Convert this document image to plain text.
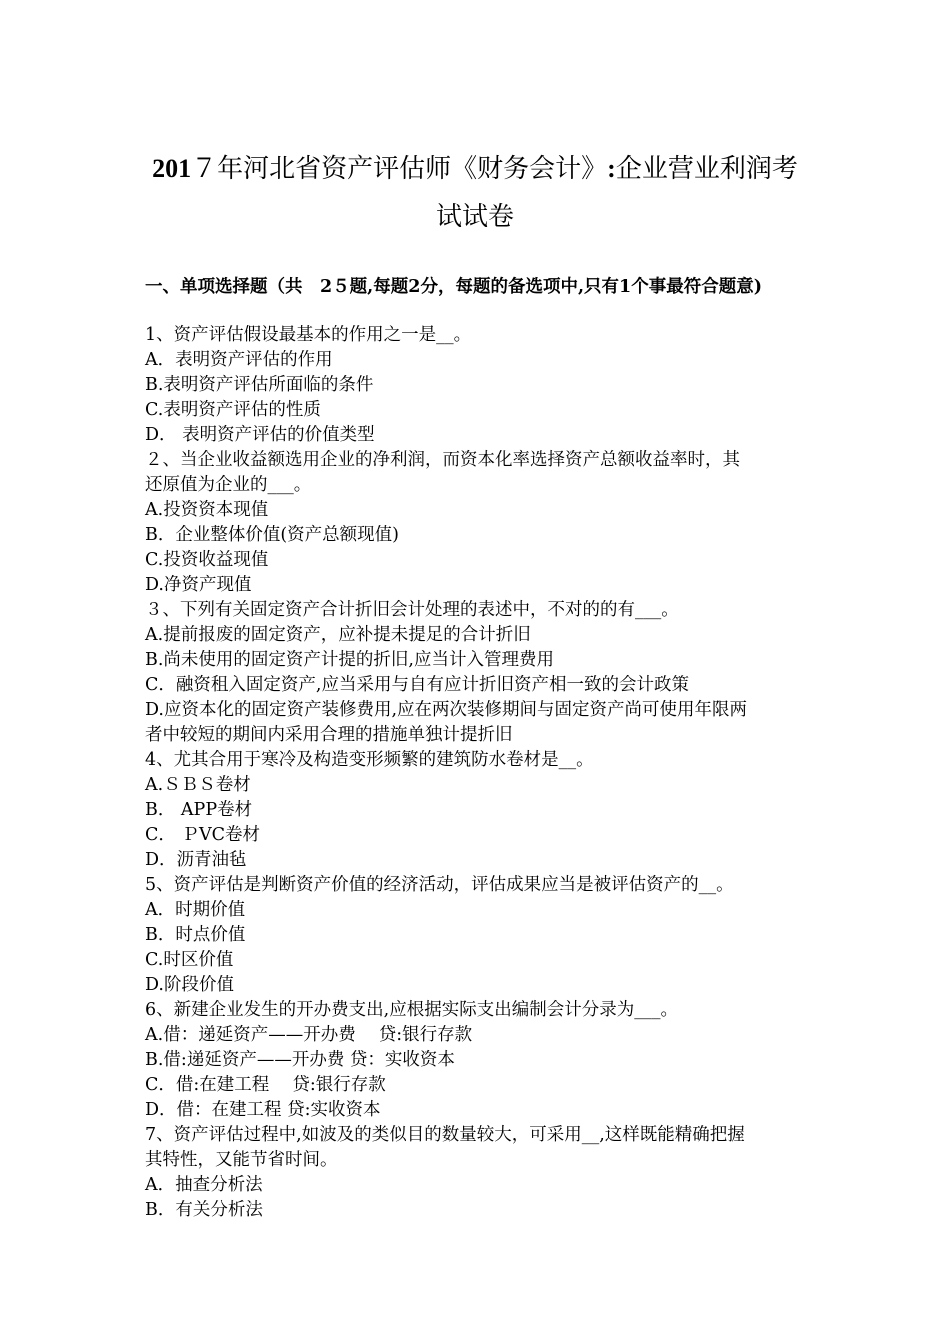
201７年河北省资产评估师《财务会计》:企业营业利润考
试试卷
一、单项选择题（共　2５题,每题2分，每题的备选项中,只有1个事最符合题意)
1、资产评估假设最基本的作用之一是__。
A．表明资产评估的作用
B.表明资产评估所面临的条件
C.表明资产评估的性质
D． 表明资产评估的价值类型
２、当企业收益额选用企业的净利润，而资本化率选择资产总额收益率时，其
还原值为企业的___。
A.投资资本现值
B．企业整体价值(资产总额现值)
C.投资收益现值
D.净资产现值
３、下列有关固定资产合计折旧会计处理的表述中，不对的的有___。
A.提前报废的固定资产，应补提未提足的合计折旧
B.尚未使用的固定资产计提的折旧,应当计入管理费用
C．融资租入固定资产,应当采用与自有应计折旧资产相一致的会计政策
D.应资本化的固定资产装修费用,应在两次装修期间与固定资产尚可使用年限两
者中较短的期间内采用合理的措施单独计提折旧
4、尤其合用于寒冷及构造变形频繁的建筑防水卷材是__。
A.ＳＢＳ卷材
B． APP卷材
C． ＰVC卷材
D．沥青油毡
5、资产评估是判断资产价值的经济活动，评估成果应当是被评估资产的__。
A．时期价值
B．时点价值
C.时区价值
D.阶段价值
6、新建企业发生的开办费支出,应根据实际支出编制会计分录为___。
A.借：递延资产——开办费　 贷:银行存款
B.借:递延资产——开办费 贷：实收资本
C．借:在建工程　 贷:银行存款
D．借：在建工程 贷:实收资本
7、资产评估过程中,如波及的类似目的数量较大，可采用__,这样既能精确把握
其特性，又能节省时间。
A．抽查分析法
B．有关分析法
